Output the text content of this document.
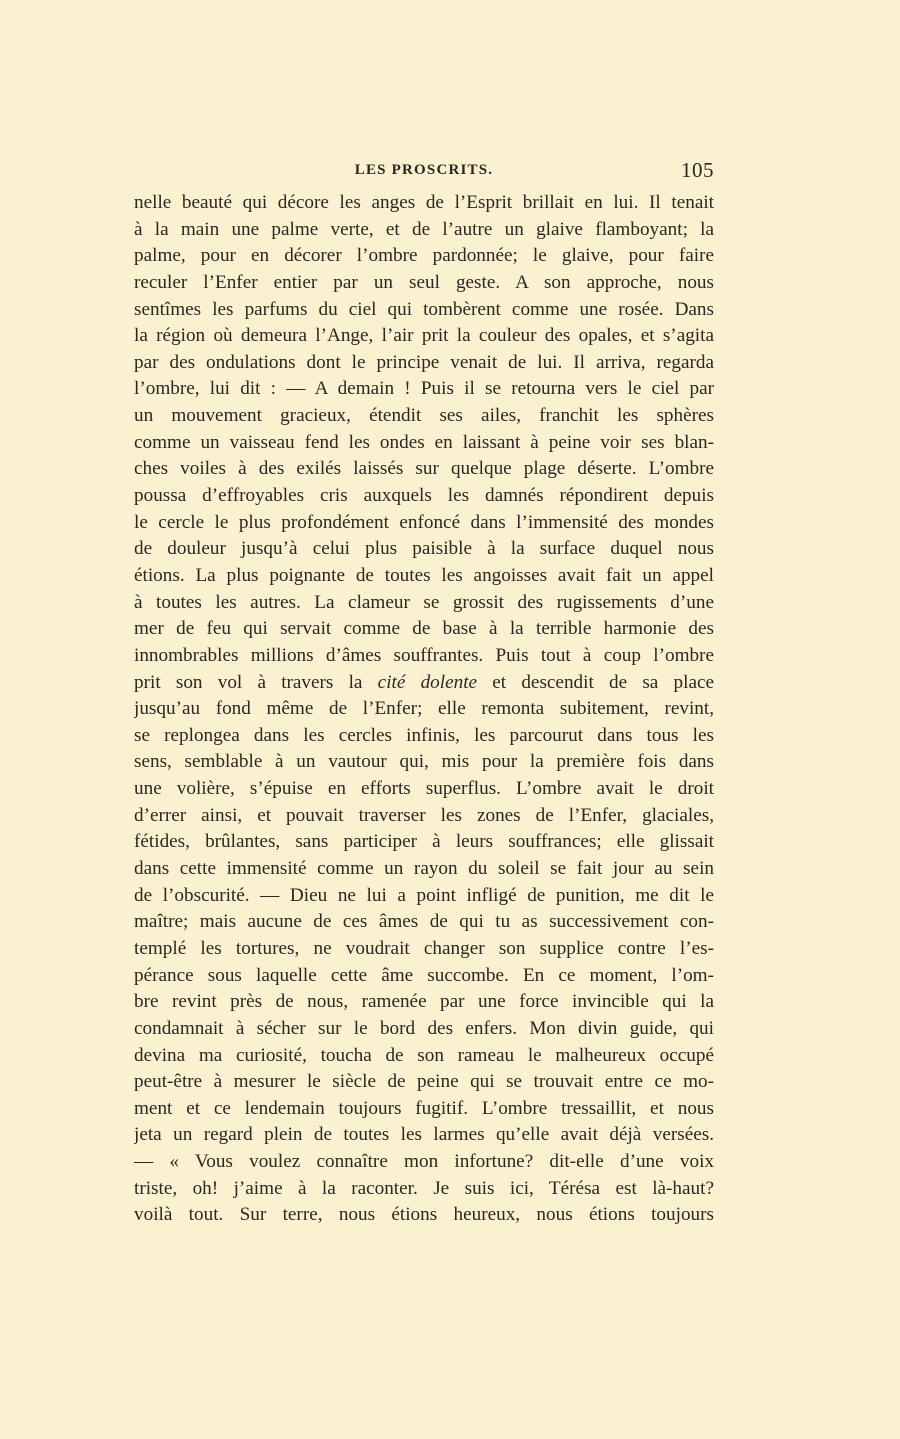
LES PROSCRITS.	105
nelle beauté qui décore les anges de l’Esprit brillait en lui. Il tenait
à la main une palme verte, et de l’autre un glaive flamboyant; la
palme, pour en décorer l’ombre pardonnée; le glaive, pour faire
reculer l’Enfer entier par un seul geste. A son approche, nous
sentîmes les parfums du ciel qui tombèrent comme une rosée. Dans
la région où demeura l’Ange, l’air prit la couleur des opales, et s’agita
par des ondulations dont le principe venait de lui. Il arriva, regarda
l’ombre, lui dit : — A demain ! Puis il se retourna vers le ciel par
un mouvement gracieux, étendit ses ailes, franchit les sphères
comme un vaisseau fend les ondes en laissant à peine voir ses blan-
ches voiles à des exilés laissés sur quelque plage déserte. L’ombre
poussa d’effroyables cris auxquels les damnés répondirent depuis
le cercle le plus profondément enfoncé dans l’immensité des mondes
de douleur jusqu’à celui plus paisible à la surface duquel nous
étions. La plus poignante de toutes les angoisses avait fait un appel
à toutes les autres. La clameur se grossit des rugissements d’une
mer de feu qui servait comme de base à la terrible harmonie des
innombrables millions d’âmes souffrantes. Puis tout à coup l’ombre
prit son vol à travers la cité dolente et descendit de sa place
jusqu’au fond même de l’Enfer; elle remonta subitement, revint,
se replongea dans les cercles infinis, les parcourut dans tous les
sens, semblable à un vautour qui, mis pour la première fois dans
une volière, s’épuise en efforts superflus. L’ombre avait le droit
d’errer ainsi, et pouvait traverser les zones de l’Enfer, glaciales,
fétides, brûlantes, sans participer à leurs souffrances; elle glissait
dans cette immensité comme un rayon du soleil se fait jour au sein
de l’obscurité. — Dieu ne lui a point infligé de punition, me dit le
maître; mais aucune de ces âmes de qui tu as successivement con-
templé les tortures, ne voudrait changer son supplice contre l’es-
pérance sous laquelle cette âme succombe. En ce moment, l’om-
bre revint près de nous, ramenée par une force invincible qui la
condamnait à sécher sur le bord des enfers. Mon divin guide, qui
devina ma curiosité, toucha de son rameau le malheureux occupé
peut-être à mesurer le siècle de peine qui se trouvait entre ce mo-
ment et ce lendemain toujours fugitif. L’ombre tressaillit, et nous
jeta un regard plein de toutes les larmes qu’elle avait déjà versées.
— « Vous voulez connaître mon infortune? dit-elle d’une voix
triste, oh! j’aime à la raconter. Je suis ici, Térésa est là-haut?
voilà tout. Sur terre, nous étions heureux, nous étions toujours
